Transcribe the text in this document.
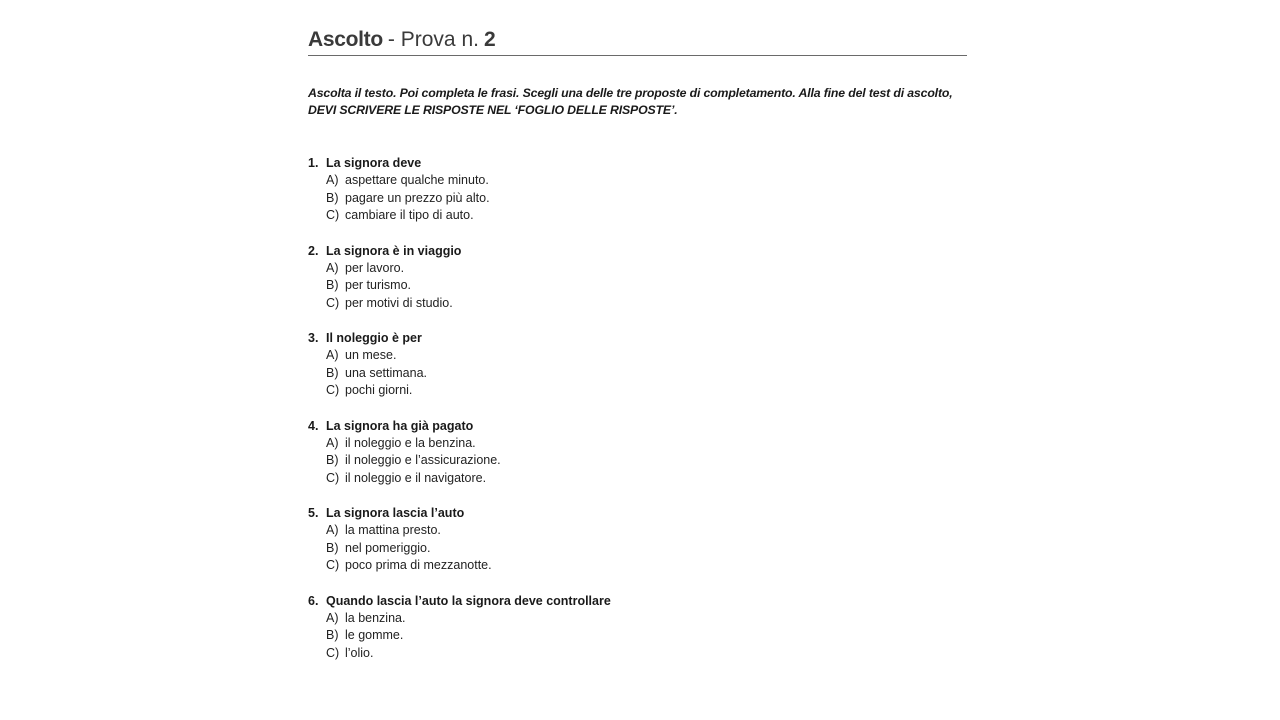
Ascolto - Prova n. 2
Ascolta il testo. Poi completa le frasi. Scegli una delle tre proposte di completamento. Alla fine del test di ascolto,
DEVI SCRIVERE LE RISPOSTE NEL ‘FOGLIO DELLE RISPOSTE’.
1. La signora deve
A) aspettare qualche minuto.
B) pagare un prezzo più alto.
C) cambiare il tipo di auto.
2. La signora è in viaggio
A) per lavoro.
B) per turismo.
C) per motivi di studio.
3. Il noleggio è per
A) un mese.
B) una settimana.
C) pochi giorni.
4. La signora ha già pagato
A) il noleggio e la benzina.
B) il noleggio e l’assicurazione.
C) il noleggio e il navigatore.
5. La signora lascia l’auto
A) la mattina presto.
B) nel pomeriggio.
C) poco prima di mezzanotte.
6. Quando lascia l’auto la signora deve controllare
A) la benzina.
B) le gomme.
C) l’olio.
